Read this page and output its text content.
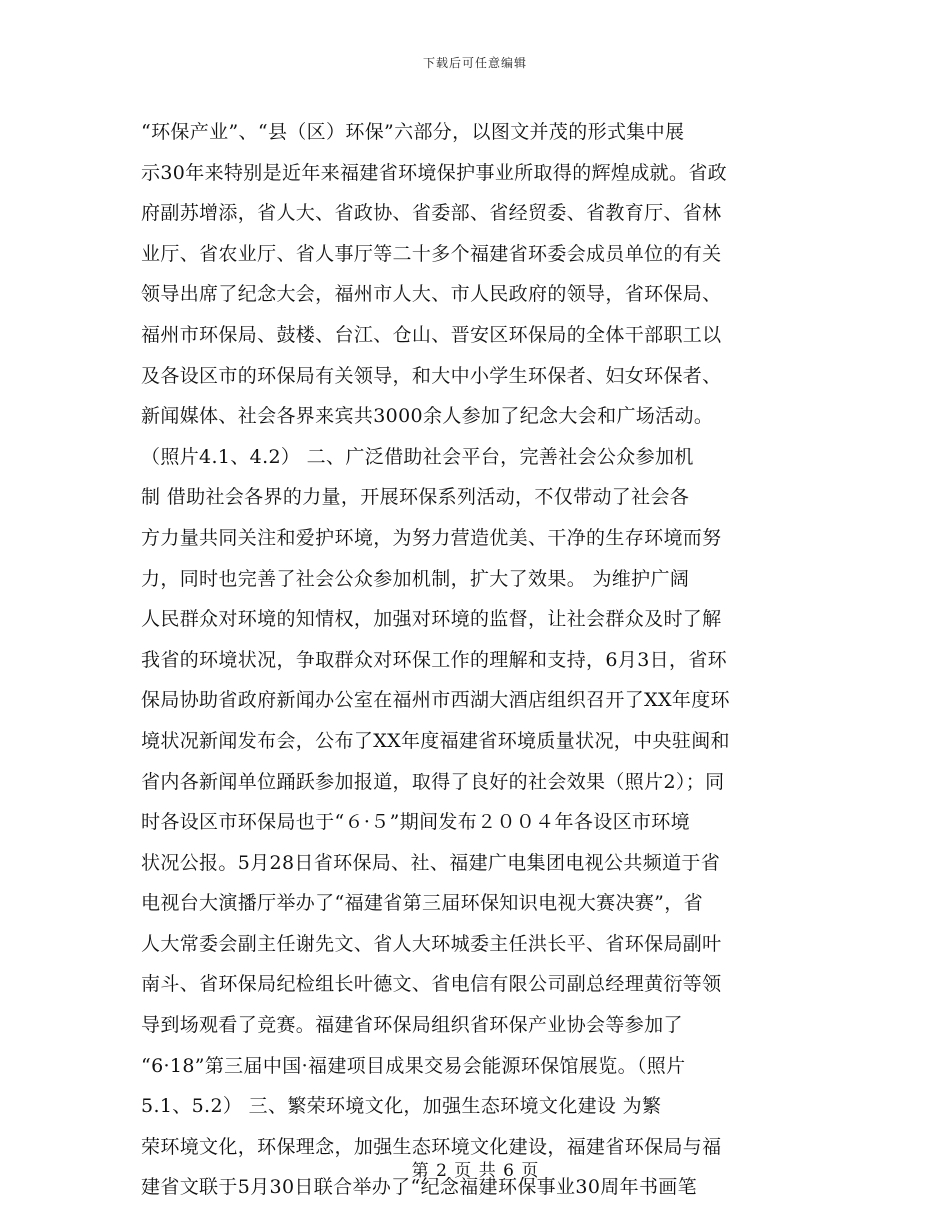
下载后可任意编辑
“环保产业”、“县（区）环保”六部分，以图文并茂的形式集中展
示30年来特别是近年来福建省环境保护事业所取得的辉煌成就。省政
府副苏增添，省人大、省政协、省委部、省经贸委、省教育厅、省林
业厅、省农业厅、省人事厅等二十多个福建省环委会成员单位的有关
领导出席了纪念大会，福州市人大、市人民政府的领导，省环保局、
福州市环保局、鼓楼、台江、仓山、晋安区环保局的全体干部职工以
及各设区市的环保局有关领导，和大中小学生环保者、妇女环保者、
新闻媒体、社会各界来宾共3000余人参加了纪念大会和广场活动。
（照片4.1、4.2） 二、广泛借助社会平台，完善社会公众参加机
制 借助社会各界的力量，开展环保系列活动，不仅带动了社会各
方力量共同关注和爱护环境，为努力营造优美、干净的生存环境而努
力，同时也完善了社会公众参加机制，扩大了效果。 为维护广阔
人民群众对环境的知情权，加强对环境的监督，让社会群众及时了解
我省的环境状况，争取群众对环保工作的理解和支持，6月3日，省环
保局协助省政府新闻办公室在福州市西湖大酒店组织召开了XX年度环
境状况新闻发布会，公布了XX年度福建省环境质量状况，中央驻闽和
省内各新闻单位踊跃参加报道，取得了良好的社会效果（照片2）；同
时各设区市环保局也于“６·５”期间发布２００４年各设区市环境
状况公报。5月28日省环保局、社、福建广电集团电视公共频道于省
电视台大演播厅举办了“福建省第三届环保知识电视大赛决赛”，省
人大常委会副主任谢先文、省人大环城委主任洪长平、省环保局副叶
南斗、省环保局纪检组长叶德文、省电信有限公司副总经理黄衍等领
导到场观看了竞赛。福建省环保局组织省环保产业协会等参加了
“6·18”第三届中国·福建项目成果交易会能源环保馆展览。（照片
5.1、5.2） 三、繁荣环境文化，加强生态环境文化建设 为繁
荣环境文化，环保理念，加强生态环境文化建设，福建省环保局与福
建省文联于5月30日联合举办了“纪念福建环保事业30周年书画笔
第 2 页 共 6 页
